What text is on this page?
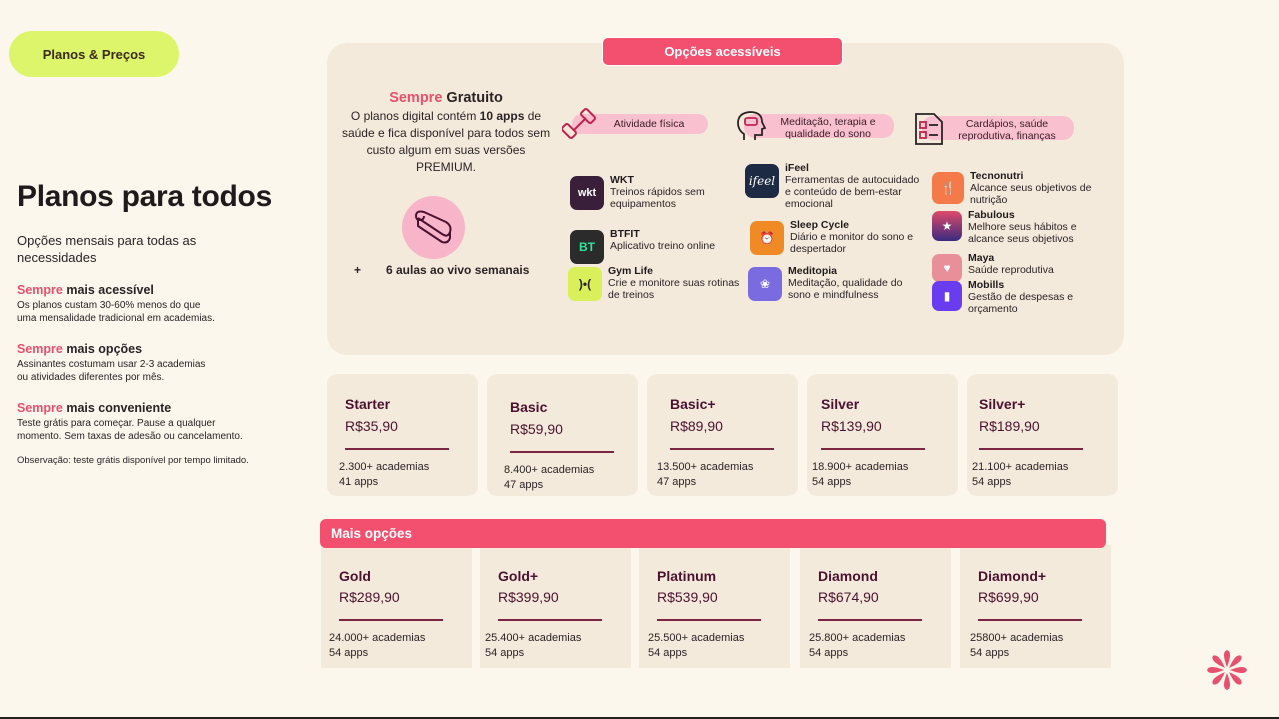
Planos & Preços
Planos para todos
Opções mensais para todas as necessidades
Sempre mais acessível
Os planos custam 30-60% menos do que
uma mensalidade tradicional em academias.
Sempre mais opções
Assinantes costumam usar 2-3 academias
ou atividades diferentes por mês.
Sempre mais conveniente
Teste grátis para começar. Pause a qualquer
momento. Sem taxas de adesão ou cancelamento.
Observação: teste grátis disponível por tempo limitado.
Opções acessíveis
Sempre Gratuito
O planos digital contém 10 apps de saúde e fica disponível para todos sem custo algum em suas versões PREMIUM.
+ 6 aulas ao vivo semanais
Atividade física	Meditação, terapia e qualidade do sono
Cardápios, saúde reprodutiva, finanças
wkt
WKT
Treinos rápidos sem equipamentos
BT
BTFIT
Aplicativo treino online
)•(
Gym Life
Crie e monitore suas rotinas de treinos
ifeel
iFeel
Ferramentas de autocuidado e conteúdo de bem-estar emocional
⏰
Sleep Cycle
Diário e monitor do sono e despertador
❀
Meditopia
Meditação, qualidade do sono e mindfulness
🍴
Tecnonutri
Alcance seus objetivos de nutrição
★
Fabulous
Melhore seus hábitos e alcance seus objetivos
♥
Maya
Saúde reprodutiva
▮
Mobills
Gestão de despesas e orçamento
Starter
R$35,90
2.300+ academias
41 apps
Basic
R$59,90
8.400+ academias
47 apps
Basic+
R$89,90
13.500+ academias
47 apps
Silver
R$139,90
18.900+ academias
54 apps
Silver+
R$189,90
21.100+ academias
54 apps
Gold
R$289,90
24.000+ academias
54 apps
Gold+
R$399,90
25.400+ academias
54 apps
Platinum
R$539,90
25.500+ academias
54 apps
Diamond
R$674,90
25.800+ academias
54 apps
Diamond+
R$699,90
25800+ academias
54 apps
Mais opções
